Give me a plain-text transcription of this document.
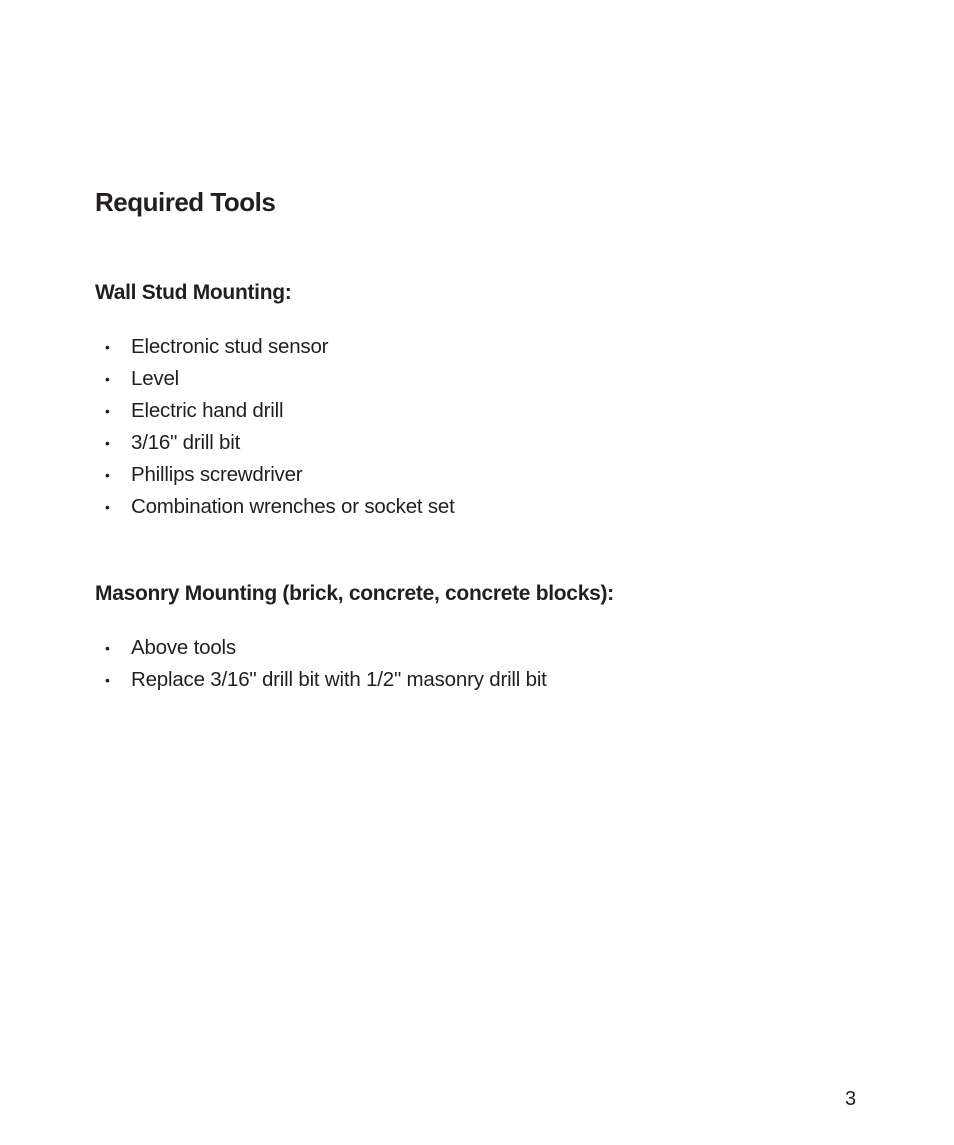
Required Tools
Wall Stud Mounting:
•	Electronic stud sensor
•	Level
•	Electric hand drill
•	3/16" drill bit
•	Phillips screwdriver
•	Combination wrenches or socket set
Masonry Mounting (brick, concrete, concrete blocks):
•	Above tools
•	Replace 3/16" drill bit with 1/2" masonry drill bit
3
